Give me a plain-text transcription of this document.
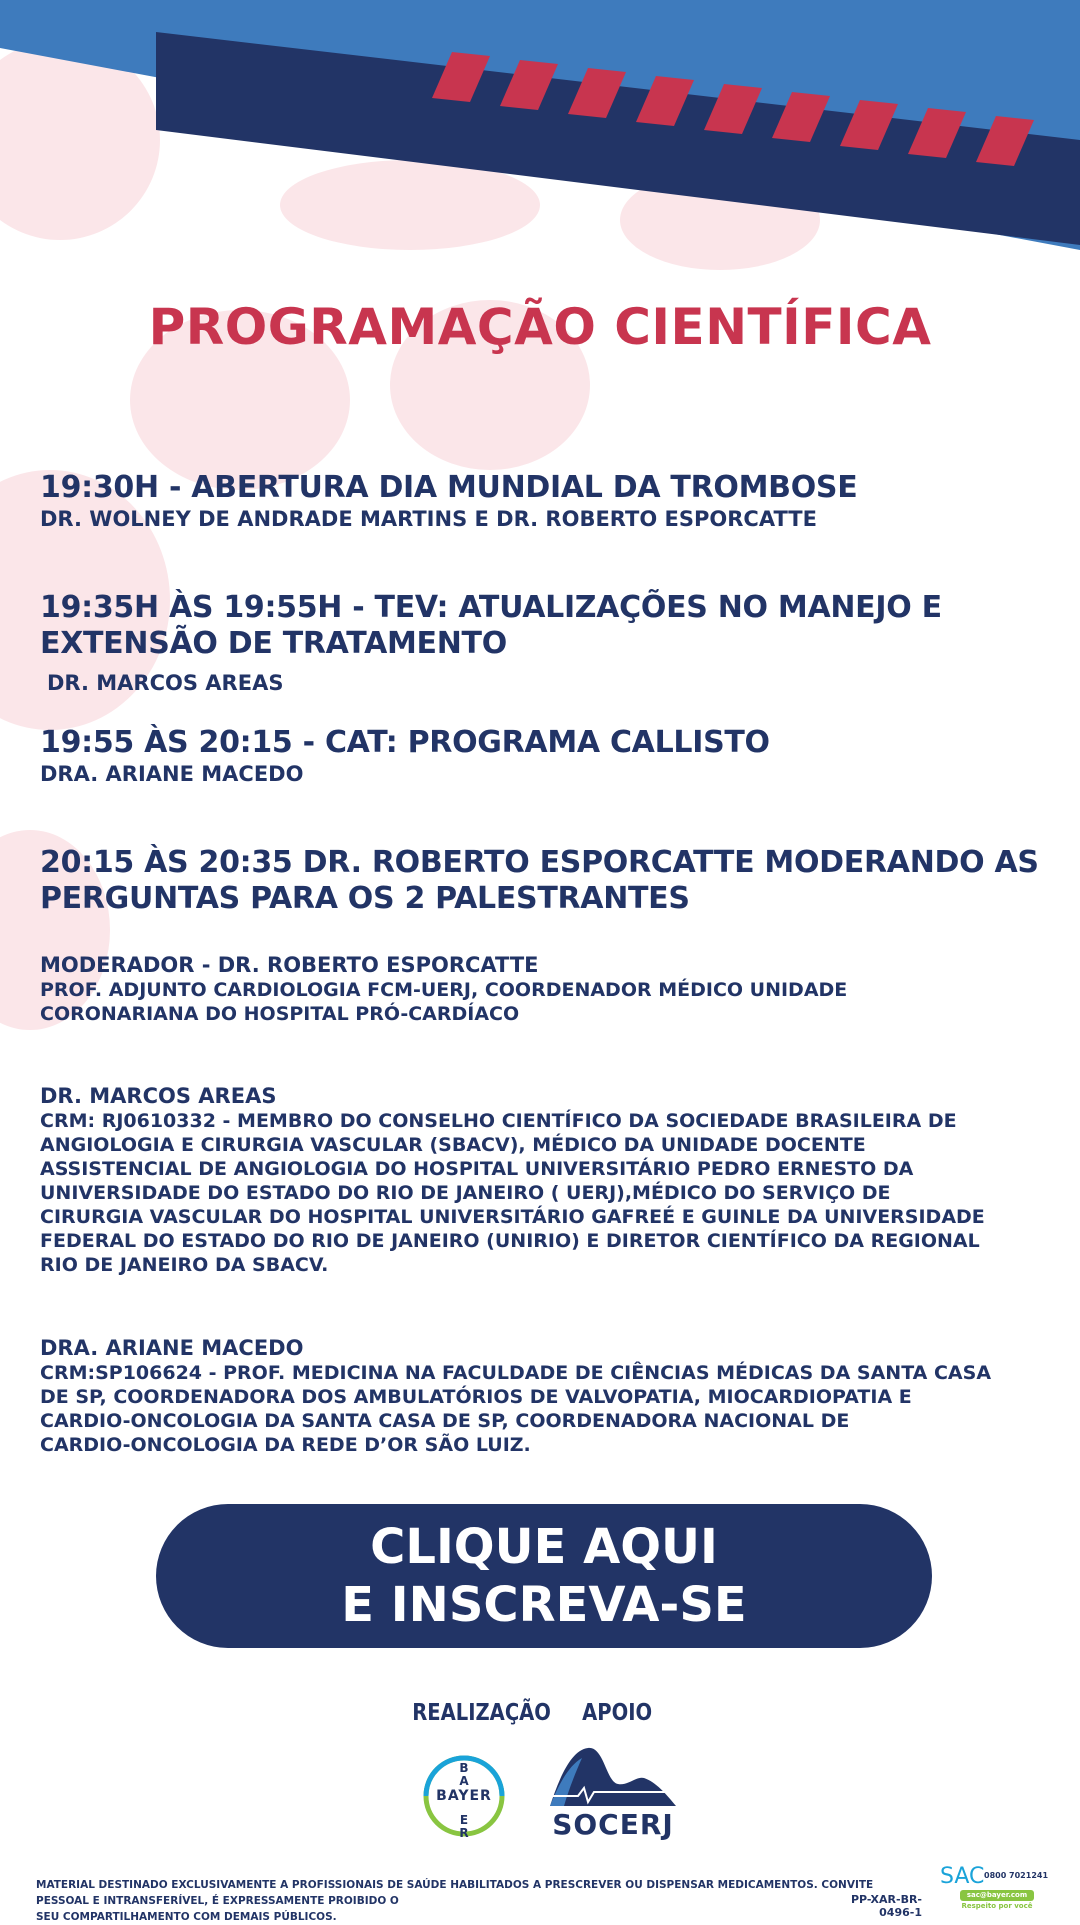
PROGRAMAÇÃO CIENTÍFICA
19:30H - ABERTURA DIA MUNDIAL DA TROMBOSE
DR. WOLNEY DE ANDRADE MARTINS E DR. ROBERTO ESPORCATTE
19:35H ÀS 19:55H - TEV: ATUALIZAÇÕES NO MANEJO E
EXTENSÃO DE TRATAMENTO
DR. MARCOS AREAS
19:55 ÀS 20:15 - CAT: PROGRAMA CALLISTO
DRA. ARIANE MACEDO
20:15 ÀS 20:35 DR. ROBERTO ESPORCATTE MODERANDO AS
PERGUNTAS PARA OS 2 PALESTRANTES
MODERADOR - DR. ROBERTO ESPORCATTE
PROF. ADJUNTO CARDIOLOGIA FCM-UERJ, COORDENADOR MÉDICO UNIDADE
CORONARIANA DO HOSPITAL PRÓ-CARDÍACO
DR. MARCOS AREAS
CRM: RJ0610332 - MEMBRO DO CONSELHO CIENTÍFICO DA SOCIEDADE BRASILEIRA DE
ANGIOLOGIA E CIRURGIA VASCULAR (SBACV), MÉDICO DA UNIDADE DOCENTE
ASSISTENCIAL DE ANGIOLOGIA DO HOSPITAL UNIVERSITÁRIO PEDRO ERNESTO DA
UNIVERSIDADE DO ESTADO DO RIO DE JANEIRO ( UERJ),MÉDICO DO SERVIÇO DE
CIRURGIA VASCULAR DO HOSPITAL UNIVERSITÁRIO GAFREÉ E GUINLE DA UNIVERSIDADE
FEDERAL DO ESTADO DO RIO DE JANEIRO (UNIRIO) E DIRETOR CIENTÍFICO DA REGIONAL
RIO DE JANEIRO DA SBACV.
DRA. ARIANE MACEDO
CRM:SP106624 - PROF. MEDICINA NA FACULDADE DE CIÊNCIAS MÉDICAS DA SANTA CASA
DE SP, COORDENADORA DOS AMBULATÓRIOS DE VALVOPATIA, MIOCARDIOPATIA E
CARDIO-ONCOLOGIA DA SANTA CASA DE SP, COORDENADORA NACIONAL DE
CARDIO-ONCOLOGIA DA REDE D’OR SÃO LUIZ.
CLIQUE AQUI
E INSCREVA-SE
REALIZAÇÃO APOIO
BAYER
B
A

E
R	SOCERJ
MATERIAL DESTINADO EXCLUSIVAMENTE A PROFISSIONAIS DE SAÚDE HABILITADOS A PRESCREVER OU DISPENSAR MEDICAMENTOS. CONVITE PESSOAL E INTRANSFERÍVEL, É EXPRESSAMENTE PROIBIDO O
SEU COMPARTILHAMENTO COM DEMAIS PÚBLICOS.
PP-XAR-BR-0496-1
SAC 0800 7021241
sac@bayer.com
Respeito por você
